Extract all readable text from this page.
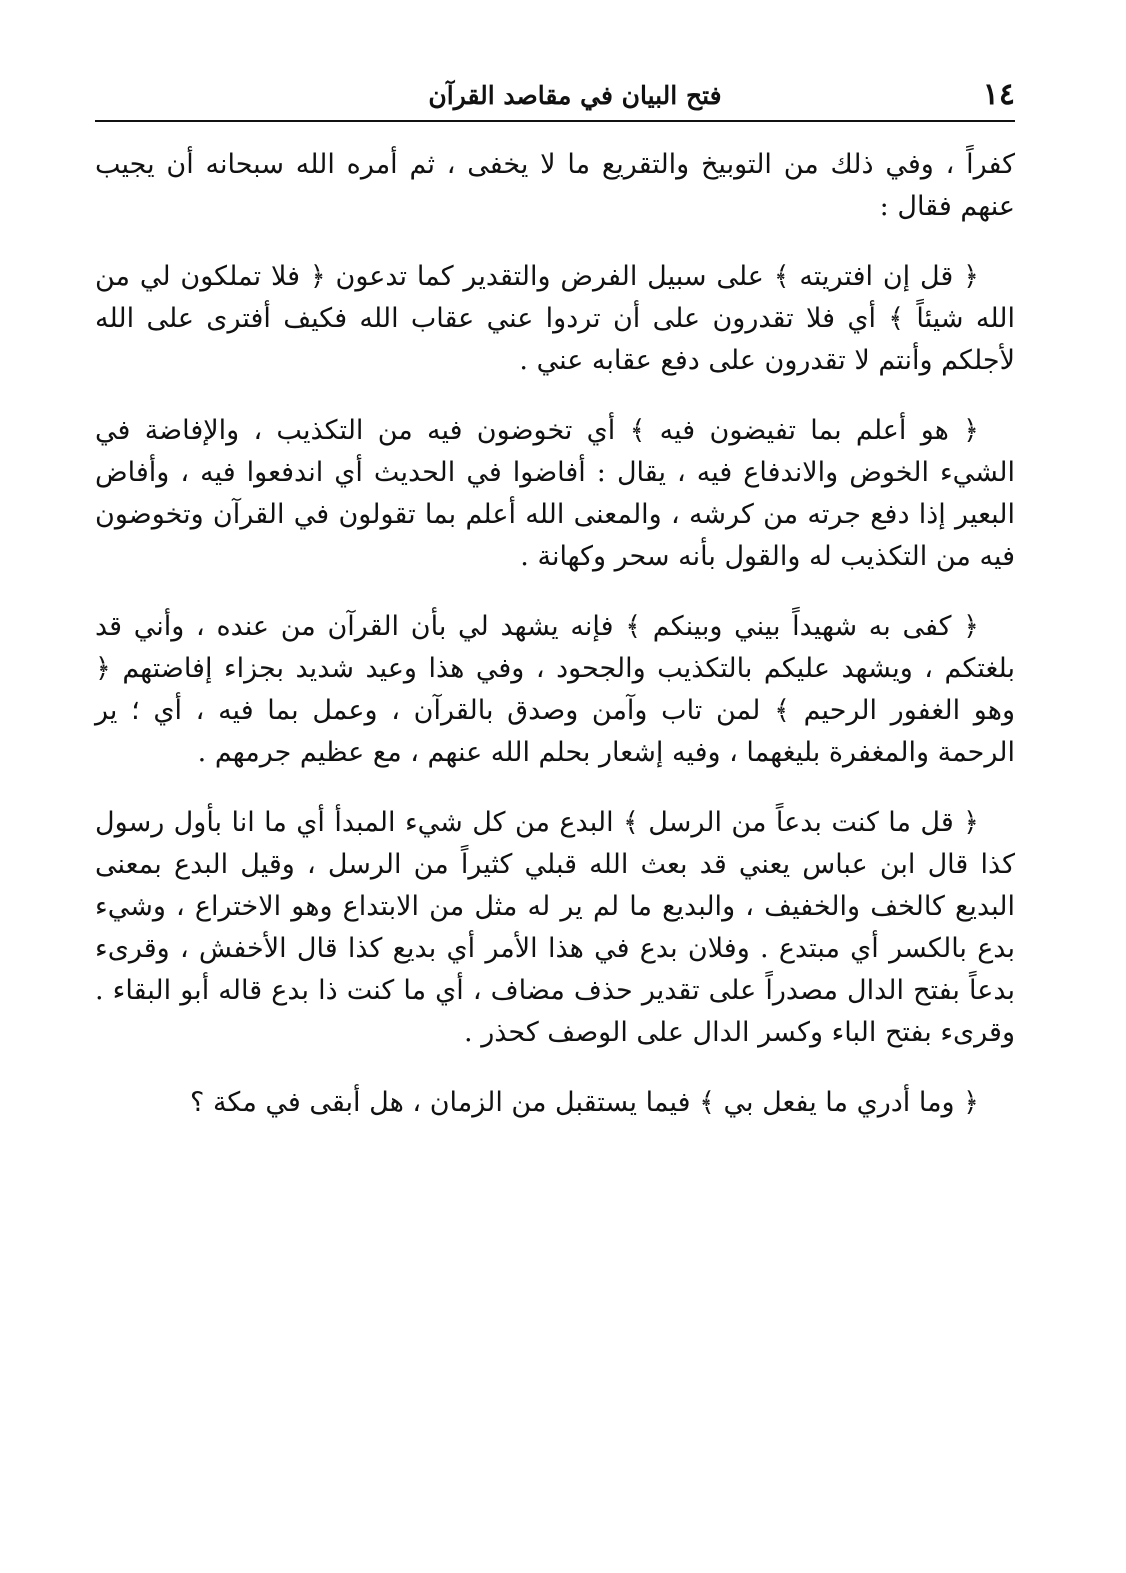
١٤
فتح البيان في مقاصد القرآن

كفراً ، وفي ذلك من التوبيخ والتقريع ما لا يخفى ، ثم أمره الله سبحانه أن يجيب عنهم فقال :

﴿ قل إن افتريته ﴾ على سبيل الفرض والتقدير كما تدعون ﴿ فلا تملكون لي من الله شيئاً ﴾ أي فلا تقدرون على أن تردوا عني عقاب الله فكيف أفترى على الله لأجلكم وأنتم لا تقدرون على دفع عقابه عني .

﴿ هو أعلم بما تفيضون فيه ﴾ أي تخوضون فيه من التكذيب ، والإفاضة في الشيء الخوض والاندفاع فيه ، يقال : أفاضوا في الحديث أي اندفعوا فيه ، وأفاض البعير إذا دفع جرته من كرشه ، والمعنى الله أعلم بما تقولون في القرآن وتخوضون فيه من التكذيب له والقول بأنه سحر وكهانة .

﴿ كفى به شهيداً بيني وبينكم ﴾ فإنه يشهد لي بأن القرآن من عنده ، وأني قد بلغتكم ، ويشهد عليكم بالتكذيب والجحود ، وفي هذا وعيد شديد بجزاء إفاضتهم ﴿ وهو الغفور الرحيم ﴾ لمن تاب وآمن وصدق بالقرآن ، وعمل بما فيه ، أي ؛ ير الرحمة والمغفرة بليغهما ، وفيه إشعار بحلم الله عنهم ، مع عظيم جرمهم .

﴿ قل ما كنت بدعاً من الرسل ﴾ البدع من كل شيء المبدأ أي ما انا بأول رسول كذا قال ابن عباس يعني قد بعث الله قبلي كثيراً من الرسل ، وقيل البدع بمعنى البديع كالخف والخفيف ، والبديع ما لم ير له مثل من الابتداع وهو الاختراع ، وشيء بدع بالكسر أي مبتدع . وفلان بدع في هذا الأمر أي بديع كذا قال الأخفش ، وقرىء بدعاً بفتح الدال مصدراً على تقدير حذف مضاف ، أي ما كنت ذا بدع قاله أبو البقاء . وقرىء بفتح الباء وكسر الدال على الوصف كحذر .

﴿ وما أدري ما يفعل بي ﴾ فيما يستقبل من الزمان ، هل أبقى في مكة ؟
